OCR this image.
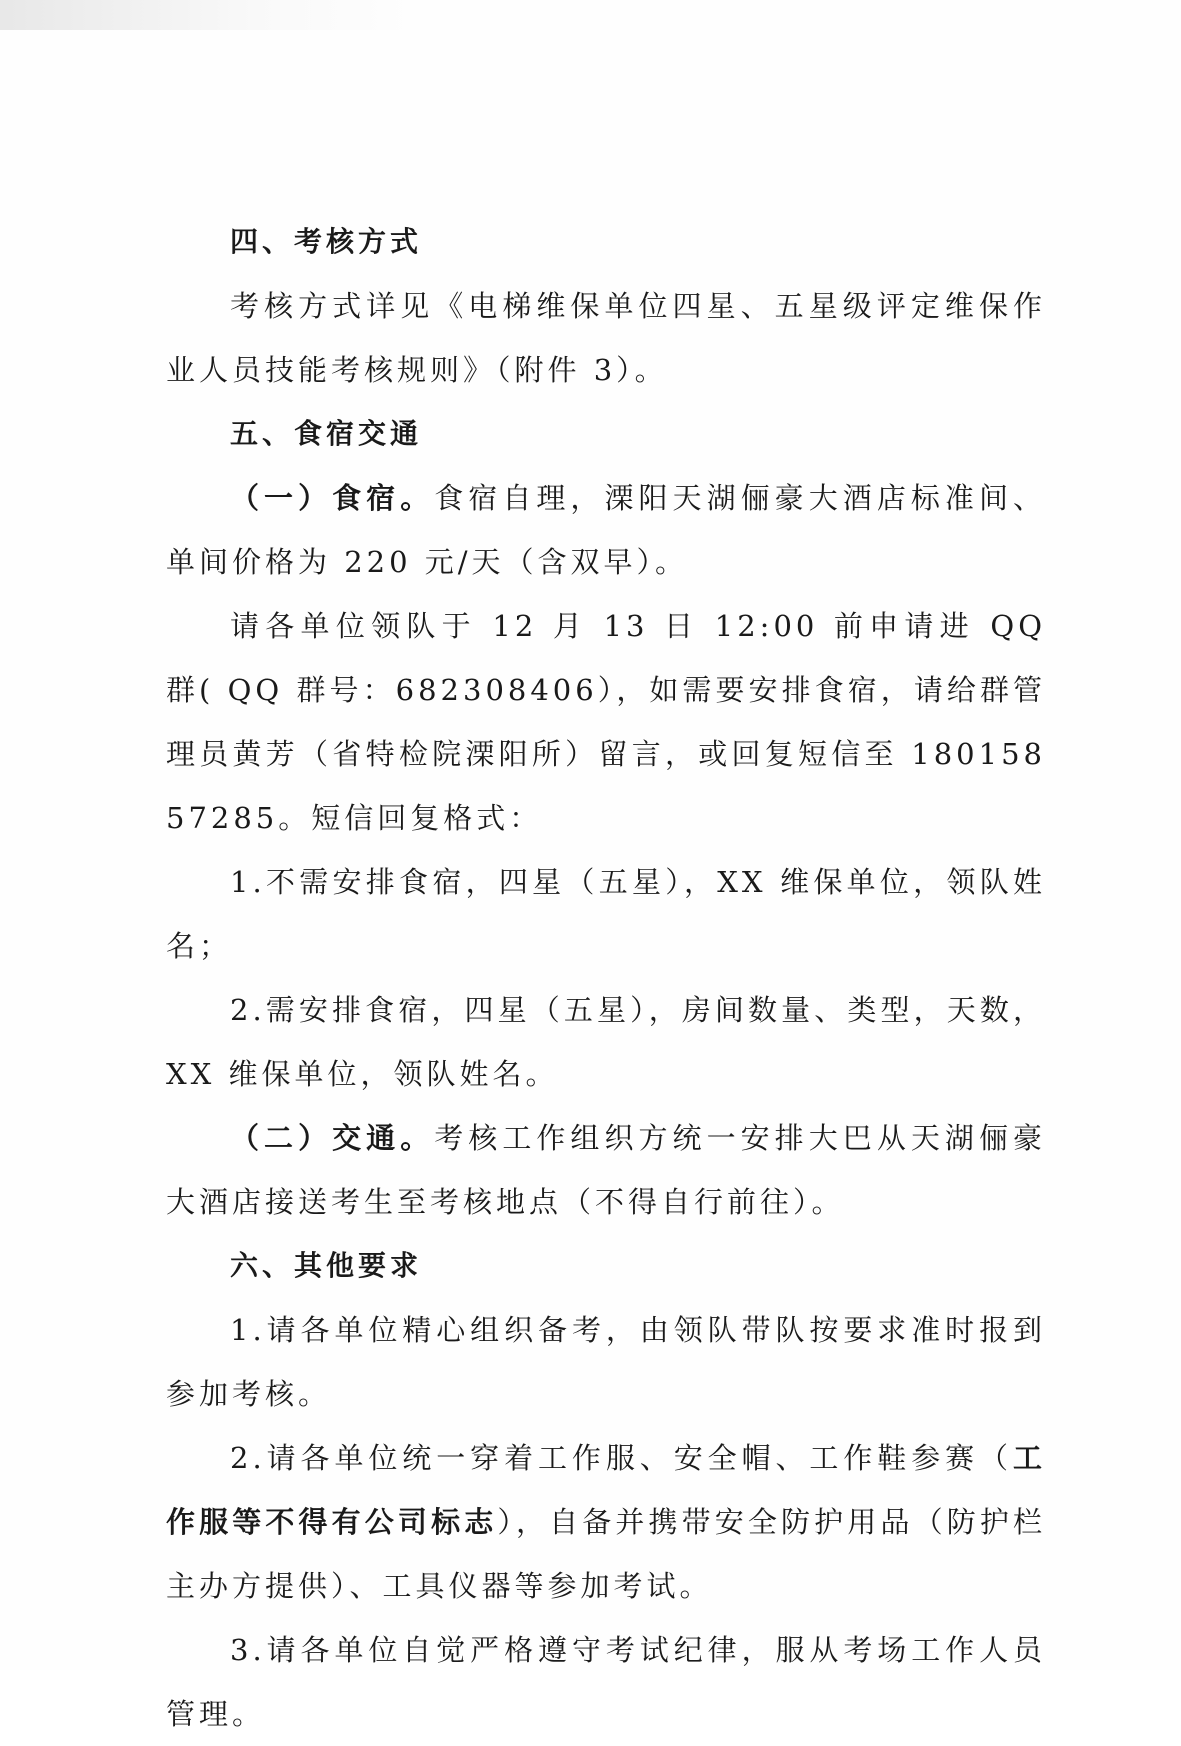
四、考核方式

考核方式详见《电梯维保单位四星、五星级评定维保作业人员技能考核规则》（附件 3）。

五、食宿交通

（一）食宿。食宿自理，溧阳天湖俪豪大酒店标准间、单间价格为 220 元/天（含双早）。

请各单位领队于 12 月 13 日 12:00 前申请进 QQ 群( QQ 群号：682308406），如需要安排食宿，请给群管理员黄芳（省特检院溧阳所）留言，或回复短信至 18015857285。短信回复格式：

1.不需安排食宿，四星（五星），XX 维保单位，领队姓名；

2.需安排食宿，四星（五星），房间数量、类型，天数，XX 维保单位，领队姓名。

（二）交通。考核工作组织方统一安排大巴从天湖俪豪大酒店接送考生至考核地点（不得自行前往）。

六、其他要求

1.请各单位精心组织备考，由领队带队按要求准时报到参加考核。

2.请各单位统一穿着工作服、安全帽、工作鞋参赛（工作服等不得有公司标志），自备并携带安全防护用品（防护栏主办方提供）、工具仪器等参加考试。

3.请各单位自觉严格遵守考试纪律，服从考场工作人员管理。
